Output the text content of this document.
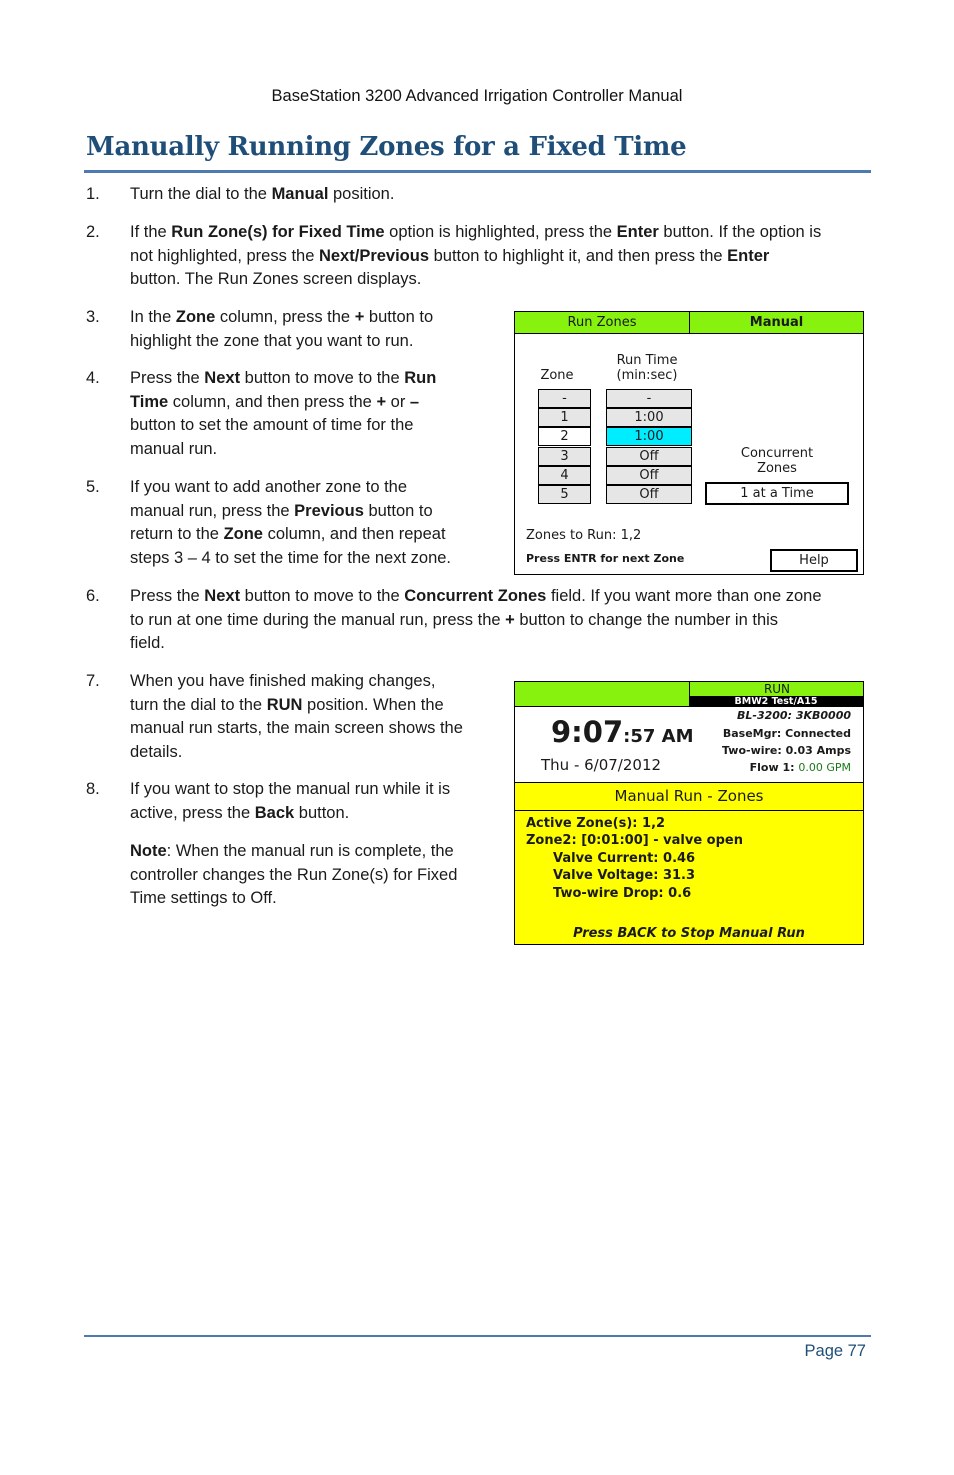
BaseStation 3200 Advanced Irrigation Controller Manual
Manually Running Zones for a Fixed Time
1. Turn the dial to the Manual position.
2. If the Run Zone(s) for Fixed Time option is highlighted, press the Enter button. If the option is
not highlighted, press the Next/Previous button to highlight it, and then press the Enter
button. The Run Zones screen displays.
3. In the Zone column, press the + button to
highlight the zone that you want to run.
4. Press the Next button to move to the Run
Time column, and then press the + or –
button to set the amount of time for the
manual run.
5. If you want to add another zone to the
manual run, press the Previous button to
return to the Zone column, and then repeat
steps 3 – 4 to set the time for the next zone.
6. Press the Next button to move to the Concurrent Zones field. If you want more than one zone
to run at one time during the manual run, press the + button to change the number in this
field.
7. When you have finished making changes,
turn the dial to the RUN position. When the
manual run starts, the main screen shows the
details.
8. If you want to stop the manual run while it is
active, press the Back button.
Note: When the manual run is complete, the
controller changes the Run Zone(s) for Fixed
Time settings to Off.
Run Zones	Manual
Zone
Run Time
(min:sec)
-
1
2
3
4
5
-
1:00
1:00
Off
Off
Off
Concurrent
Zones
1 at a Time
Zones to Run: 1,2
Press ENTR for next Zone	Help
RUN
BMW2 Test/A15
9:07:57 AM
Thu - 6/07/2012
BL-3200: 3KB0000
BaseMgr: Connected
Two-wire: 0.03 Amps
Flow 1: 0.00 GPM
Manual Run - Zones
Active Zone(s): 1,2
Zone2: [0:01:00] - valve open
Valve Current: 0.46
Valve Voltage: 31.3
Two-wire Drop: 0.6
Press BACK to Stop Manual Run
Page 77
